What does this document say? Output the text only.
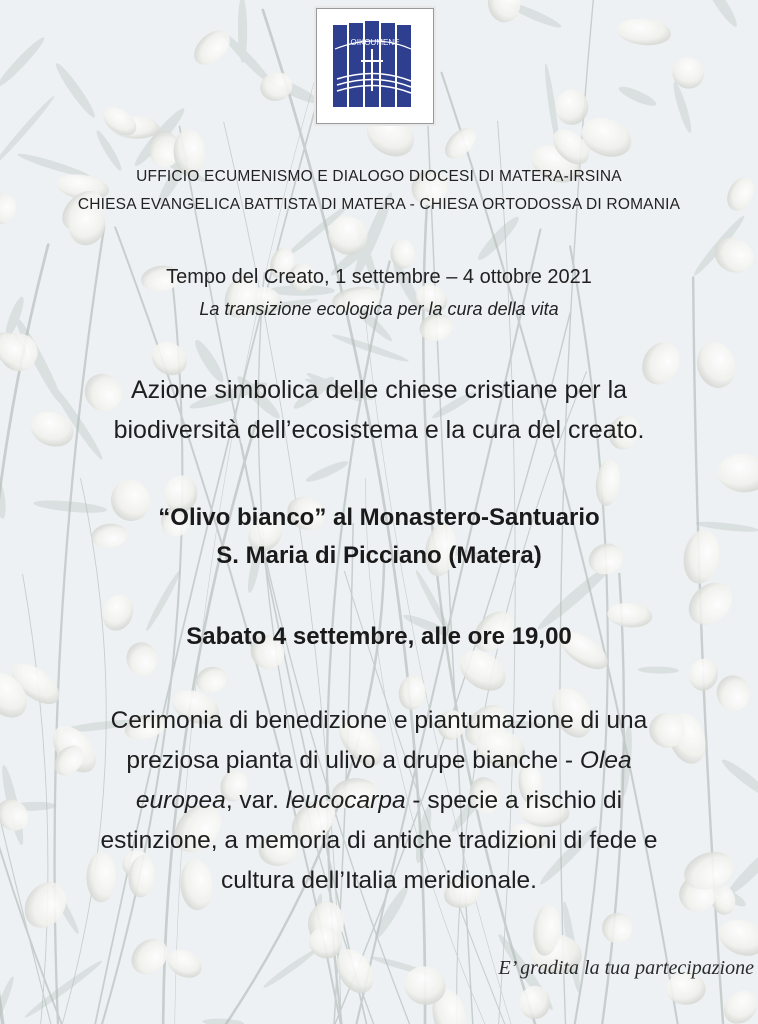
OIKOUMENE
UFFICIO ECUMENISMO E DIALOGO DIOCESI DI MATERA-IRSINA
CHIESA EVANGELICA BATTISTA DI MATERA - CHIESA ORTODOSSA DI ROMANIA
Tempo del Creato, 1 settembre – 4 ottobre 2021
La transizione ecologica per la cura della vita
Azione simbolica delle chiese cristiane per la
biodiversità dell’ecosistema e la cura del creato.
“Olivo bianco” al Monastero-Santuario
S. Maria di Picciano (Matera)
Sabato 4 settembre, alle ore 19,00
Cerimonia di benedizione e piantumazione di una
preziosa pianta di ulivo a drupe bianche - Olea
europea, var. leucocarpa - specie a rischio di
estinzione, a memoria di antiche tradizioni di fede e
cultura dell’Italia meridionale.
E’ gradita la tua partecipazione
